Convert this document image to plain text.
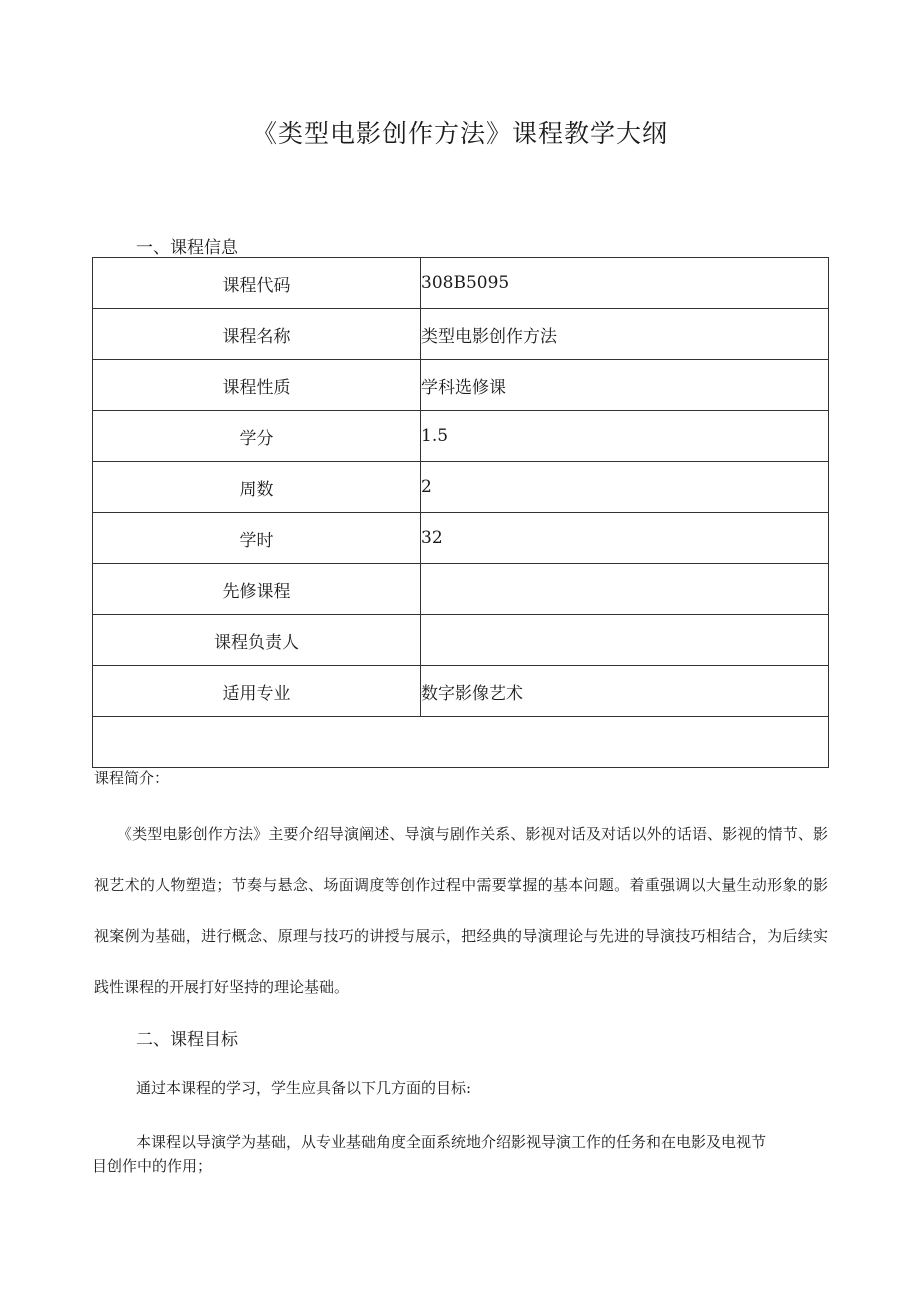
《类型电影创作方法》课程教学大纲
一、课程信息
课程代码	308B5095
课程名称	类型电影创作方法
课程性质	学科选修课
学分	1.5
周数	2
学时	32
先修课程	
课程负责人	
适用专业	数字影像艺术

课程简介：

《类型电影创作方法》主要介绍导演阐述、导演与剧作关系、影视对话及对话以外的话语、影视的情节、影视艺术的人物塑造；节奏与悬念、场面调度等创作过程中需要掌握的基本问题。着重强调以大量生动形象的影视案例为基础，进行概念、原理与技巧的讲授与展示，把经典的导演理论与先进的导演技巧相结合，为后续实践性课程的开展打好坚持的理论基础。	

二、课程目标

通过本课程的学习，学生应具备以下几方面的目标:

本课程以导演学为基础，从专业基础角度全面系统地介绍影视导演工作的任务和在电影及电视节目创作中的作用；
